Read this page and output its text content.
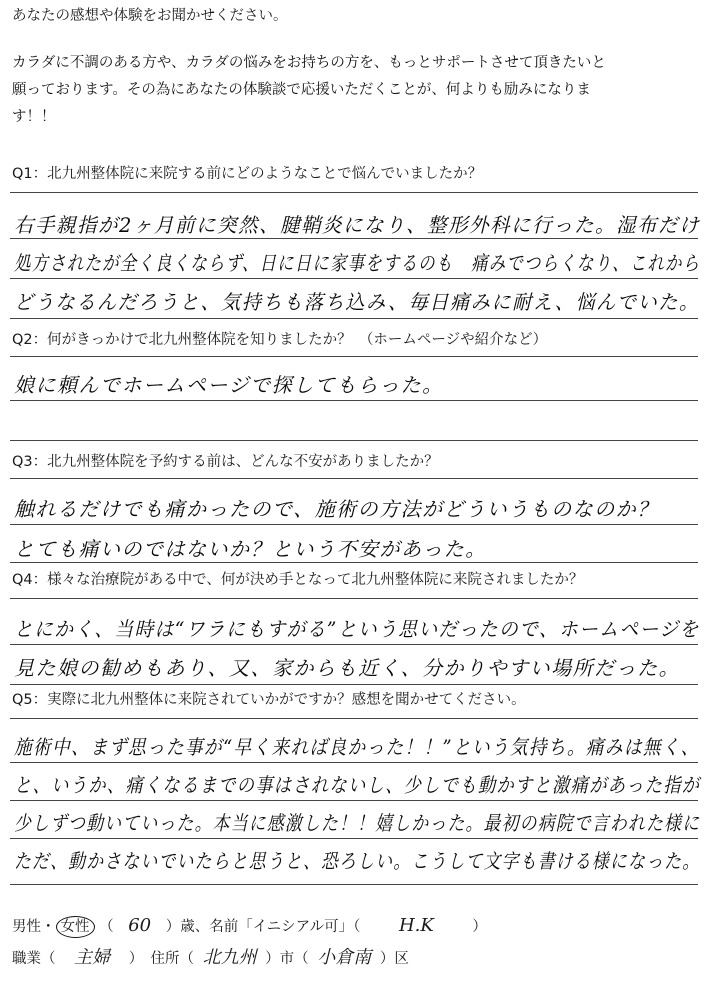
あなたの感想や体験をお聞かせください。

カラダに不調のある方や、カラダの悩みをお持ちの方を、もっとサポートさせて頂きたいと

願っております。その為にあなたの体験談で応援いただくことが、何よりも励みになりま

す！！

Q1：北九州整体院に来院する前にどのようなことで悩んでいましたか？
右手親指が2ヶ月前に突然、腱鞘炎になり、整形外科に行った。湿布だけ
処方されたが全く良くならず、日に日に家事をするのも　痛みでつらくなり、これから
どうなるんだろうと、気持ちも落ち込み、毎日痛みに耐え、悩んでいた。
Q2：何がきっかけで北九州整体院を知りましたか？　（ホームページや紹介など）
娘に頼んでホームページで探してもらった。
Q3：北九州整体院を予約する前は、どんな不安がありましたか？
触れるだけでも痛かったので、施術の方法がどういうものなのか？
とても痛いのではないか？という不安があった。
Q4：様々な治療院がある中で、何が決め手となって北九州整体院に来院されましたか？
とにかく、当時は“ワラにもすがる”という思いだったので、ホームページを
見た娘の勧めもあり、又、家からも近く、分かりやすい場所だった。
Q5：実際に北九州整体に来院されていかがですか？感想を聞かせてください。
施術中、まず思った事が“早く来れば良かった！！”という気持ち。痛みは無く、
と、いうか、痛くなるまでの事はされないし、少しでも動かすと激痛があった指が
少しずつ動いていった。本当に感激した！！嬉しかった。最初の病院で言われた様に
ただ、動かさないでいたらと思うと、恐ろしい。こうして文字も書ける様になった。
男性・ 女性 （ 60 ）歳、名前「イニシアル可」（ H.K	）
職業（ 主婦 ）　住所（ 北九州 ）市（ 小倉南 ）区
